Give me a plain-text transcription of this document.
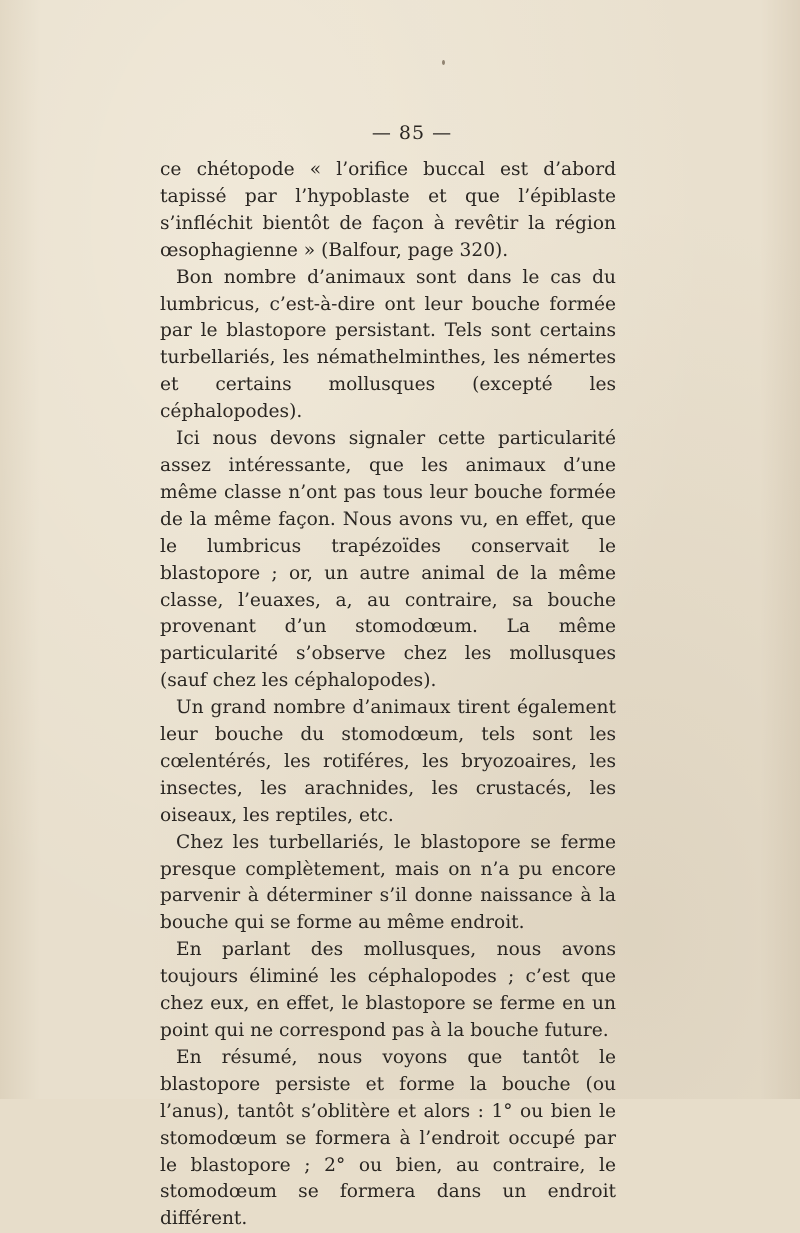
— 85 —

ce chétopode « l’orifice buccal est d’abord tapissé par l’hypoblaste et que l’épiblaste s’infléchit bientôt de façon à revêtir la région œsophagienne » (Balfour, page 320).

Bon nombre d’animaux sont dans le cas du lumbricus, c’est-à-dire ont leur bouche formée par le blastopore persistant. Tels sont certains turbellariés, les némathelminthes, les némertes et certains mollusques (excepté les céphalopodes).

Ici nous devons signaler cette particularité assez intéressante, que les animaux d’une même classe n’ont pas tous leur bouche formée de la même façon. Nous avons vu, en effet, que le lumbricus trapézoïdes conservait le blastopore ; or, un autre animal de la même classe, l’euaxes, a, au contraire, sa bouche provenant d’un stomodœum. La même particularité s’observe chez les mollusques (sauf chez les céphalopodes).

Un grand nombre d’animaux tirent également leur bouche du stomodœum, tels sont les cœlentérés, les rotiféres, les bryozoaires, les insectes, les arachnides, les crustacés, les oiseaux, les reptiles, etc.

Chez les turbellariés, le blastopore se ferme presque complètement, mais on n’a pu encore parvenir à déterminer s’il donne naissance à la bouche qui se forme au même endroit.

En parlant des mollusques, nous avons toujours éliminé les céphalopodes ; c’est que chez eux, en effet, le blastopore se ferme en un point qui ne correspond pas à la bouche future.

En résumé, nous voyons que tantôt le blastopore persiste et forme la bouche (ou l’anus), tantôt s’oblitère et alors : 1° ou bien le stomodœum se formera à l’endroit occupé par le blastopore ; 2° ou bien, au contraire, le stomodœum se formera dans un endroit différent.
